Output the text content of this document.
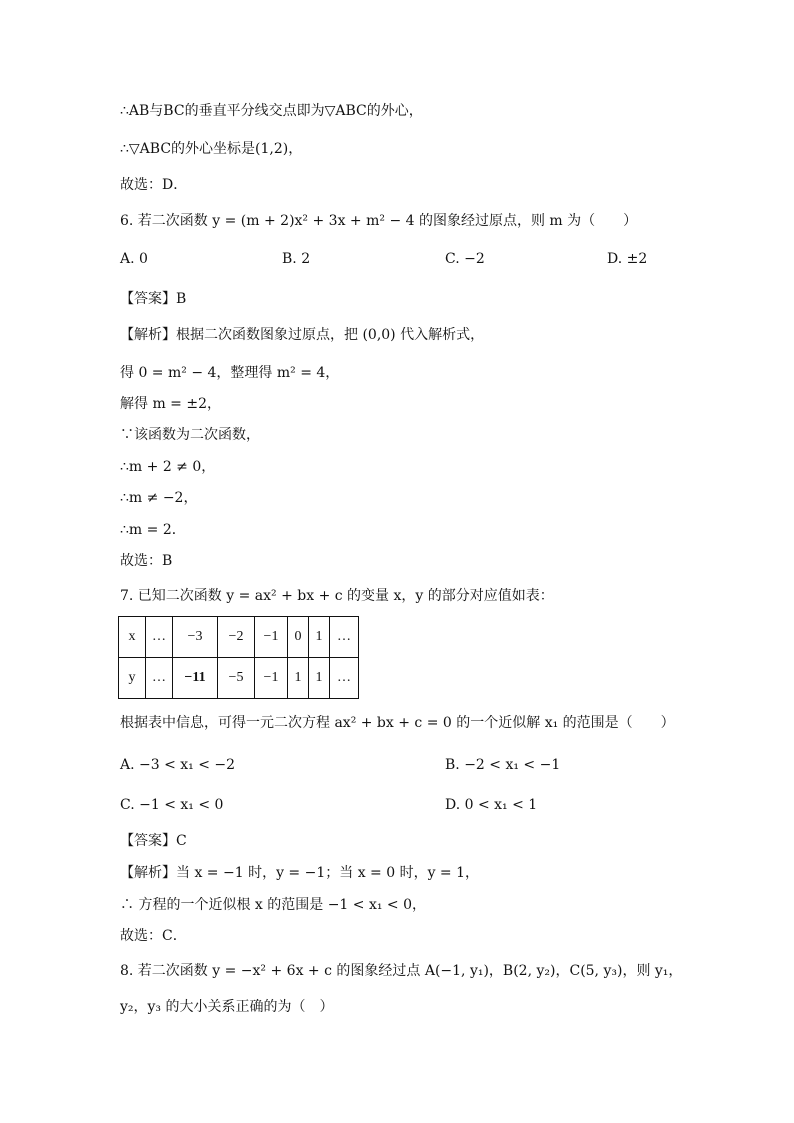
∴AB与BC的垂直平分线交点即为▽ABC的外心，
∴▽ABC的外心坐标是(1,2)，
故选：D．
6. 若二次函数 y = (m + 2)x² + 3x + m² − 4 的图象经过原点，则 m 为（　　）
A. 0	B. 2	C. −2	D. ±2
【答案】B
【解析】根据二次函数图象过原点，把 (0,0) 代入解析式，
得 0 = m² − 4，整理得 m² = 4，
解得 m = ±2，
∵该函数为二次函数，
∴m + 2 ≠ 0，
∴m ≠ −2，
∴m = 2．
故选：B
7. 已知二次函数 y = ax² + bx + c 的变量 x，y 的部分对应值如表：
x	…	−3	−2	−1	0	1	…
y	…	−11	−5	−1	1	1	…
根据表中信息，可得一元二次方程 ax² + bx + c = 0 的一个近似解 x₁ 的范围是（　　）
A. −3 < x₁ < −2	B. −2 < x₁ < −1
C. −1 < x₁ < 0	D. 0 < x₁ < 1
【答案】C
【解析】当 x = −1 时，y = −1；当 x = 0 时，y = 1，
∴ 方程的一个近似根 x 的范围是 −1 < x₁ < 0，
故选：C．
8. 若二次函数 y = −x² + 6x + c 的图象经过点 A(−1, y₁)，B(2, y₂)，C(5, y₃)，则 y₁，
y₂，y₃ 的大小关系正确的为（　）
